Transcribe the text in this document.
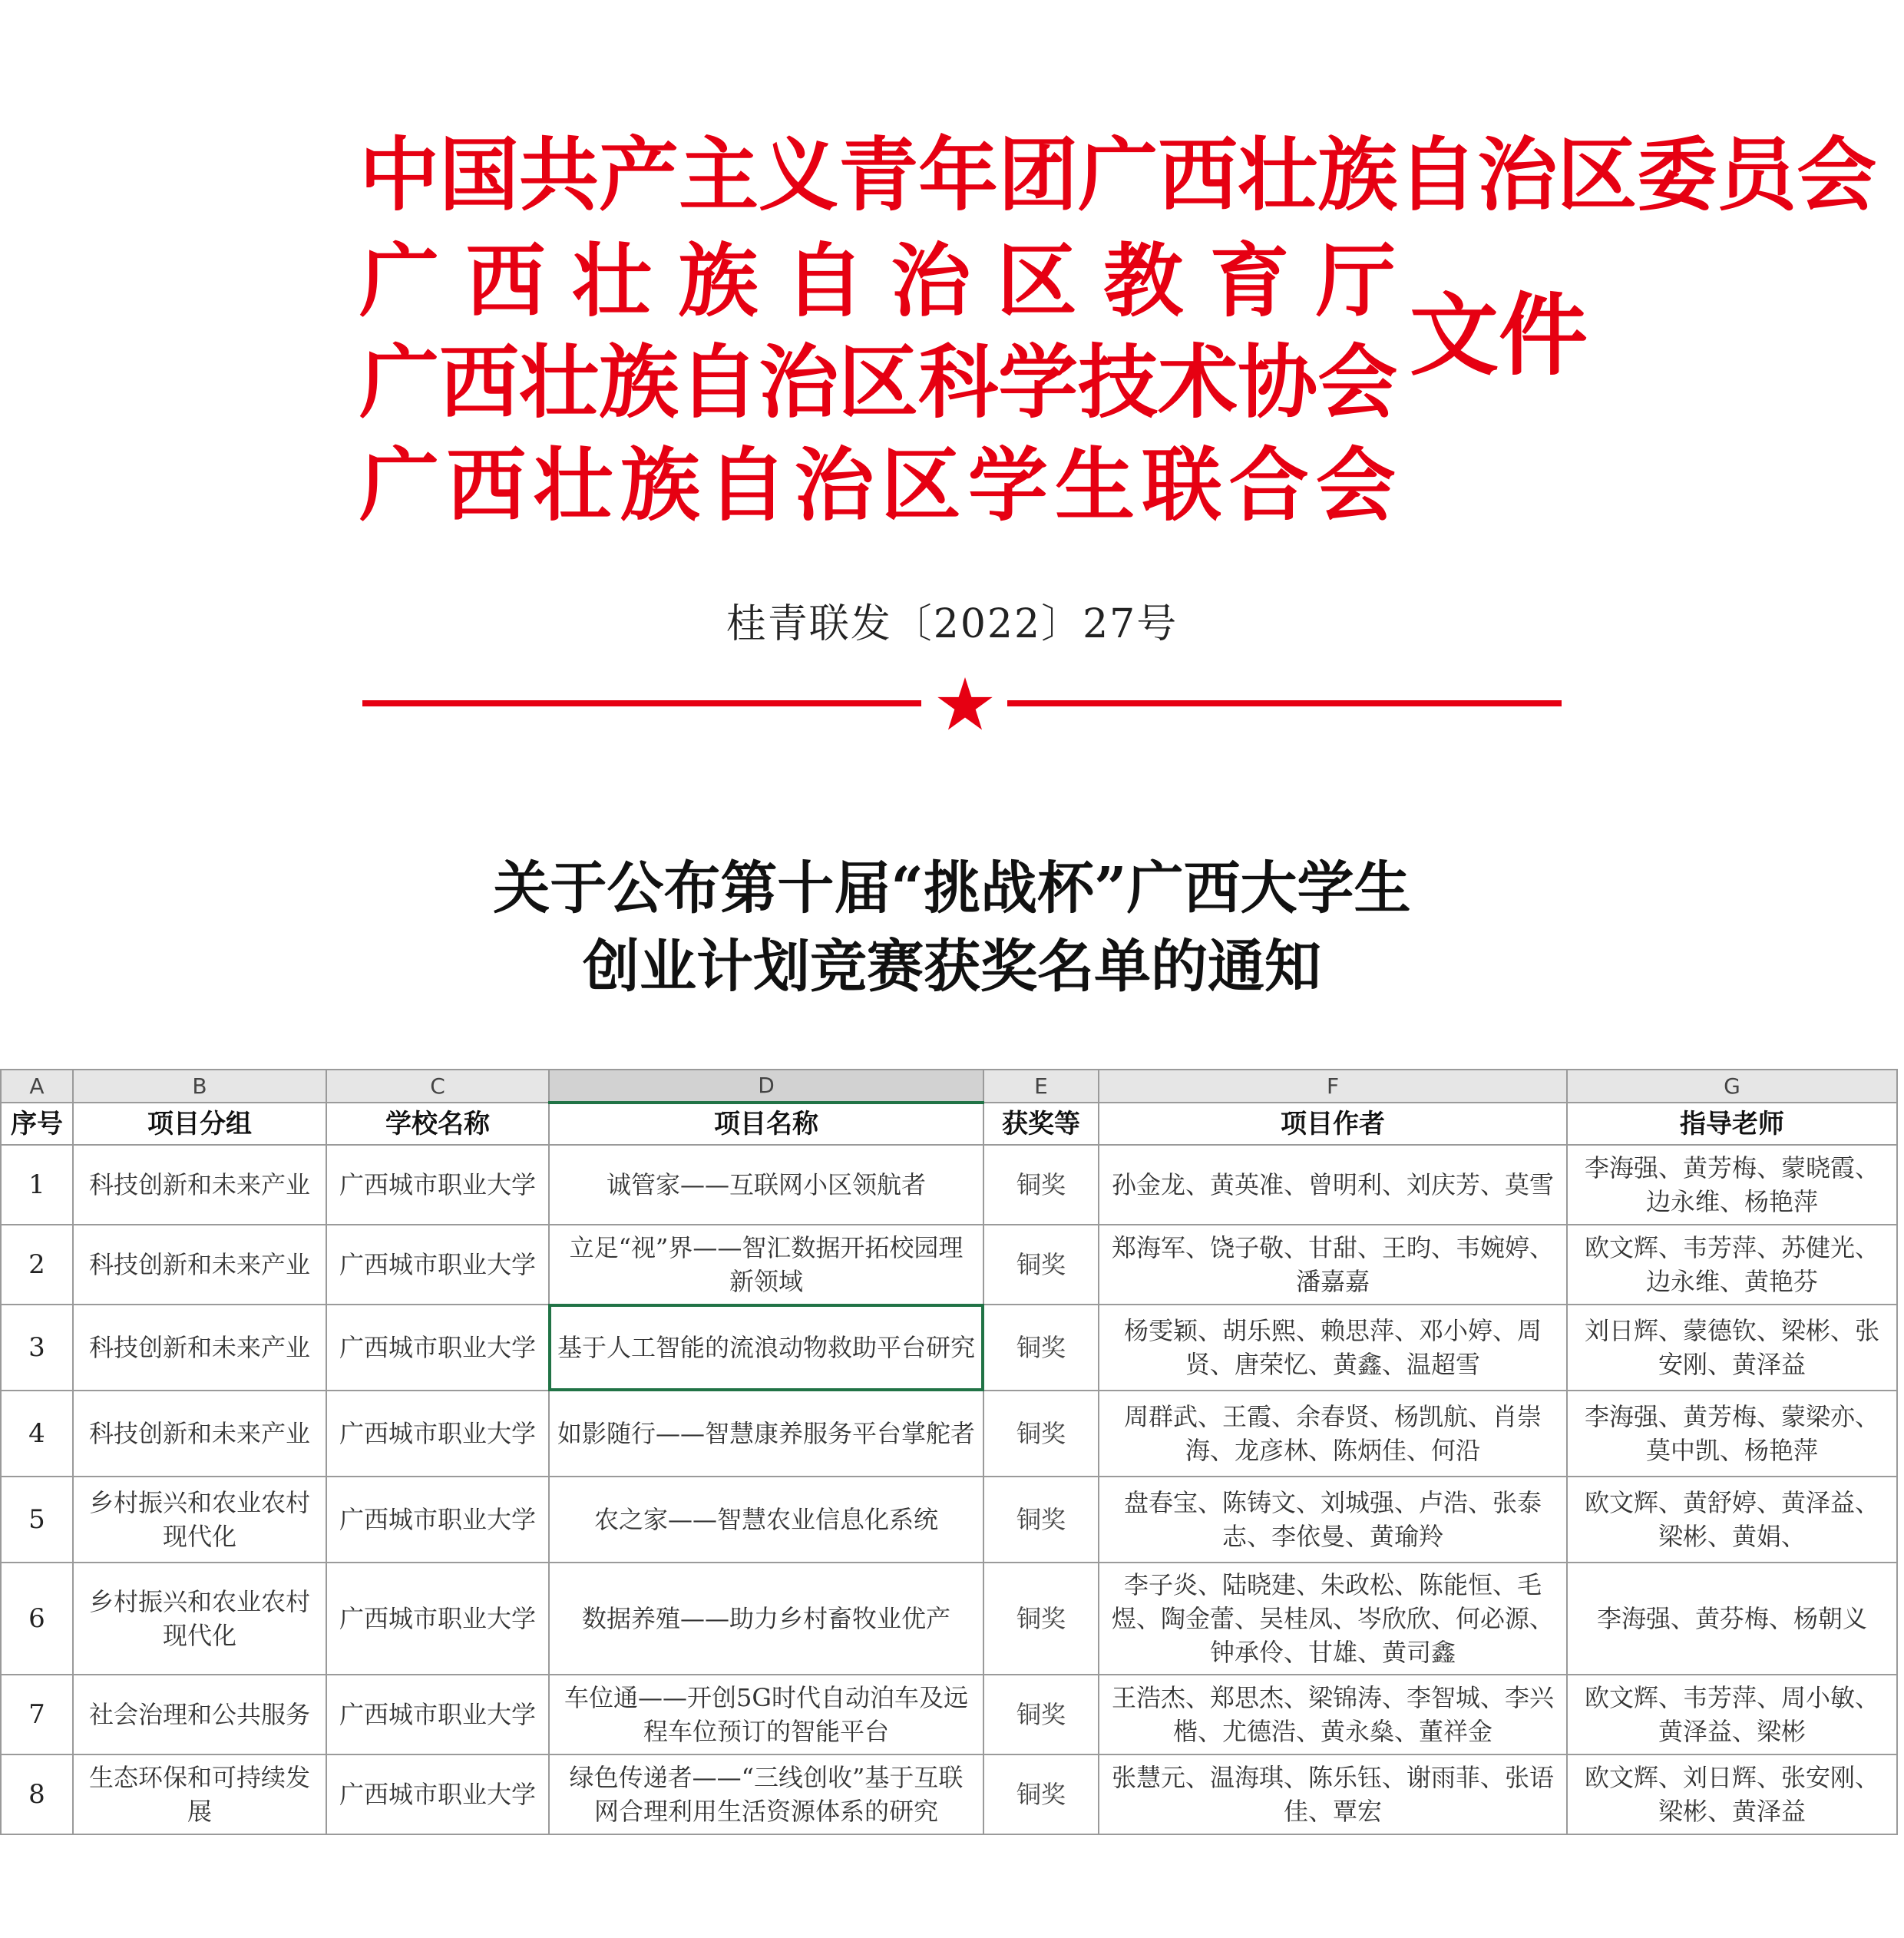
中 国 共 产 主 义 青 年 团 广 西 壮 族 自 治 区 委 员 会
广 西 壮 族 自 治 区 教 育 厅
广 西 壮 族 自 治 区 科 学 技 术 协 会
广 西 壮 族 自 治 区 学 生 联 合 会
文件
桂青联发〔2022〕27号
关于公布第十届“挑战杯”广西大学生
创业计划竞赛获奖名单的通知
A	B	C	D	E	F	G
序号	项目分组	学校名称	项目名称	获奖等	项目作者	指导老师
1	科技创新和未来产业	广西城市职业大学	诚管家——互联网小区领航者	铜奖	孙金龙、黄英准、曾明利、刘庆芳、莫雪	李海强、黄芳梅、蒙晓霞、边永维、杨艳萍
2	科技创新和未来产业	广西城市职业大学	立足“视”界——智汇数据开拓校园理新领域	铜奖	郑海军、饶子敬、甘甜、王昀、韦婉婷、潘嘉嘉	欧文辉、韦芳萍、苏健光、边永维、黄艳芬
3	科技创新和未来产业	广西城市职业大学	基于人工智能的流浪动物救助平台研究	铜奖	杨雯颖、胡乐熙、赖思萍、邓小婷、周贤、唐荣忆、黄鑫、温超雪	刘日辉、蒙德钦、梁彬、张安刚、黄泽益
4	科技创新和未来产业	广西城市职业大学	如影随行——智慧康养服务平台掌舵者	铜奖	周群武、王霞、余春贤、杨凯航、肖崇海、龙彦林、陈炳佳、何沿	李海强、黄芳梅、蒙梁亦、莫中凯、杨艳萍
5	乡村振兴和农业农村现代化	广西城市职业大学	农之家——智慧农业信息化系统	铜奖	盘春宝、陈铸文、刘城强、卢浩、张泰志、李依曼、黄瑜羚	欧文辉、黄舒婷、黄泽益、梁彬、黄娟、
6	乡村振兴和农业农村现代化	广西城市职业大学	数据养殖——助力乡村畜牧业优产	铜奖	李子炎、陆晓建、朱政松、陈能恒、毛煜、陶金蕾、吴桂凤、岑欣欣、何必源、钟承伶、甘雄、黄司鑫	李海强、黄芬梅、杨朝义
7	社会治理和公共服务	广西城市职业大学	车位通——开创5G时代自动泊车及远程车位预订的智能平台	铜奖	王浩杰、郑思杰、梁锦涛、李智城、李兴楷、尤德浩、黄永燊、董祥金	欧文辉、韦芳萍、周小敏、黄泽益、梁彬
8	生态环保和可持续发展	广西城市职业大学	绿色传递者——“三线创收”基于互联网合理利用生活资源体系的研究	铜奖	张慧元、温海琪、陈乐钰、谢雨菲、张语佳、覃宏	欧文辉、刘日辉、张安刚、梁彬、黄泽益
